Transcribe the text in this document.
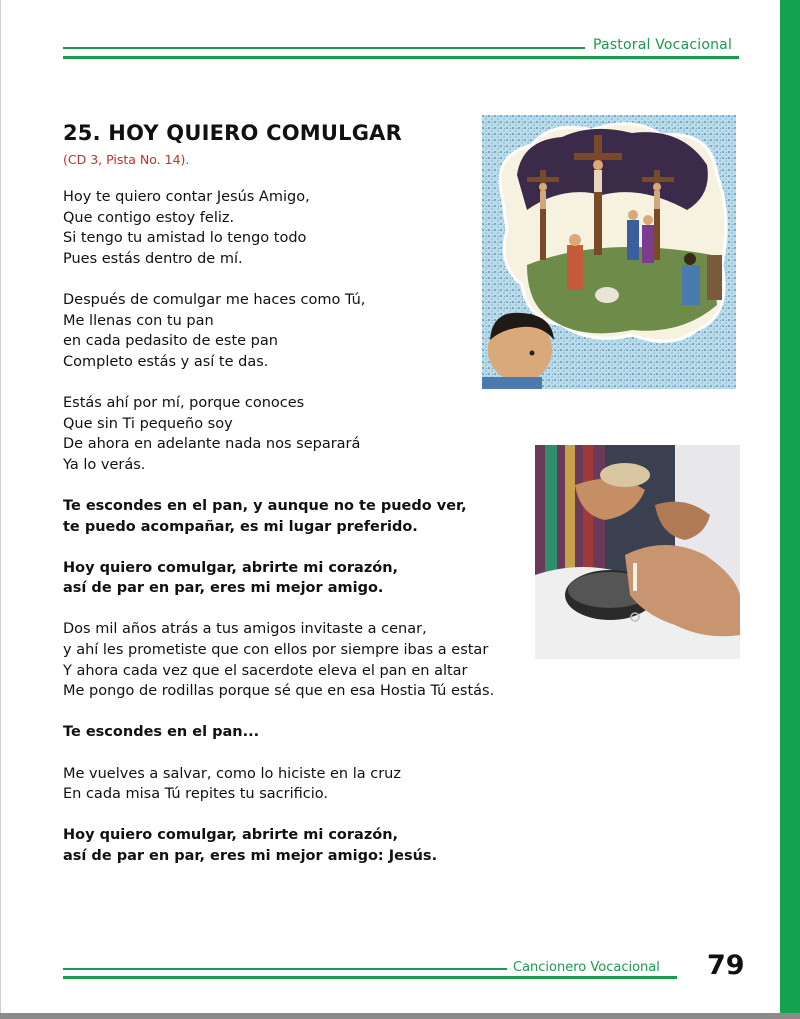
Pastoral Vocacional
25. HOY QUIERO COMULGAR
(CD 3, Pista No. 14).
Hoy te quiero contar Jesús Amigo,
Que contigo estoy feliz.
Si tengo tu amistad lo tengo todo
Pues estás dentro de mí.
Después de comulgar me haces como Tú,
Me llenas con tu pan
en cada pedasito de este pan
Completo estás y así te das.
Estás ahí por mí, porque conoces
Que sin Ti pequeño soy
De ahora en adelante nada nos separará
Ya lo verás.
Te escondes en el pan, y aunque no te puedo ver,
te puedo acompañar, es mi lugar preferido.
Hoy quiero comulgar, abrirte mi corazón,
así de par en par, eres mi mejor amigo.
Dos mil años atrás a tus amigos invitaste a cenar,
y ahí les prometiste que con ellos por siempre ibas a estar
Y ahora cada vez que el sacerdote eleva el pan en altar
Me pongo de rodillas porque sé que en esa Hostia Tú estás.
Te escondes en el pan...
Me vuelves a salvar, como lo hiciste en la cruz
En cada misa Tú repites tu sacrificio.
Hoy quiero comulgar, abrirte mi corazón,
así de par en par, eres mi mejor amigo: Jesús.
Cancionero Vocacional 79
